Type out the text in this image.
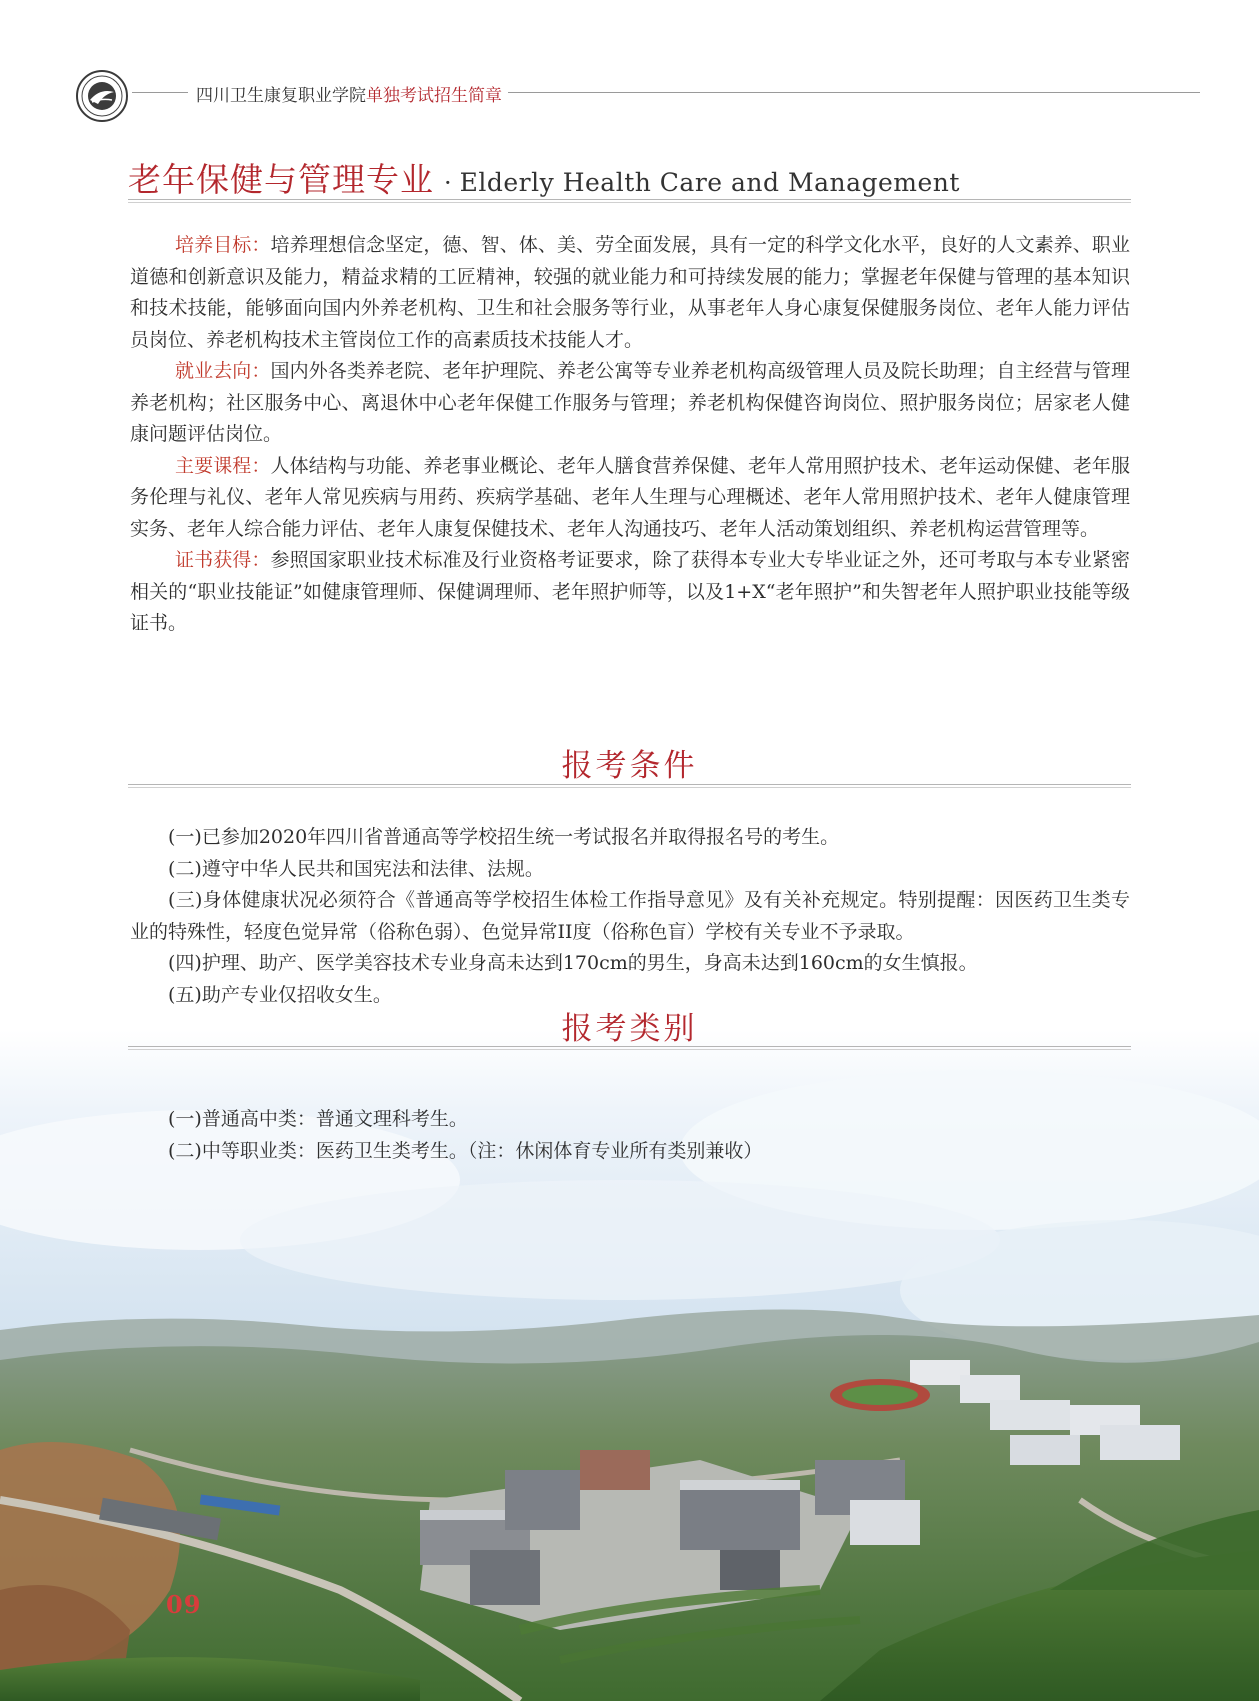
四川卫生康复职业学院单独考试招生简章
老年保健与管理专业 · Elderly Health Care and Management

培养目标：培养理想信念坚定，德、智、体、美、劳全面发展，具有一定的科学文化水平，良好的人文素养、职业道德和创新意识及能力，精益求精的工匠精神，较强的就业能力和可持续发展的能力；掌握老年保健与管理的基本知识和技术技能，能够面向国内外养老机构、卫生和社会服务等行业，从事老年人身心康复保健服务岗位、老年人能力评估员岗位、养老机构技术主管岗位工作的高素质技术技能人才。

就业去向：国内外各类养老院、老年护理院、养老公寓等专业养老机构高级管理人员及院长助理；自主经营与管理养老机构；社区服务中心、离退休中心老年保健工作服务与管理；养老机构保健咨询岗位、照护服务岗位；居家老人健康问题评估岗位。

主要课程：人体结构与功能、养老事业概论、老年人膳食营养保健、老年人常用照护技术、老年运动保健、老年服务伦理与礼仪、老年人常见疾病与用药、疾病学基础、老年人生理与心理概述、老年人常用照护技术、老年人健康管理实务、老年人综合能力评估、老年人康复保健技术、老年人沟通技巧、老年人活动策划组织、养老机构运营管理等。

证书获得：参照国家职业技术标准及行业资格考证要求，除了获得本专业大专毕业证之外，还可考取与本专业紧密相关的“职业技能证”如健康管理师、保健调理师、老年照护师等，以及1+X“老年照护”和失智老年人照护职业技能等级证书。

报考条件

(一)已参加2020年四川省普通高等学校招生统一考试报名并取得报名号的考生。

(二)遵守中华人民共和国宪法和法律、法规。

(三)身体健康状况必须符合《普通高等学校招生体检工作指导意见》及有关补充规定。特别提醒：因医药卫生类专业的特殊性，轻度色觉异常（俗称色弱）、色觉异常II度（俗称色盲）学校有关专业不予录取。

(四)护理、助产、医学美容技术专业身高未达到170cm的男生，身高未达到160cm的女生慎报。

(五)助产专业仅招收女生。

09
报考类别

(一)普通高中类：普通文理科考生。

(二)中等职业类：医药卫生类考生。（注：休闲体育专业所有类别兼收）
